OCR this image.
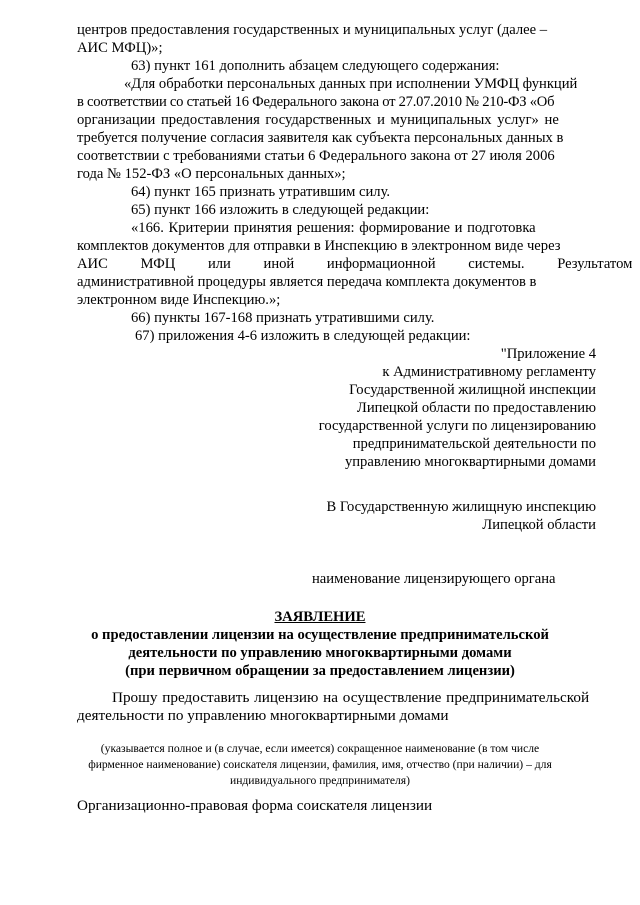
центров предоставления государственных и муниципальных услуг (далее –
АИС МФЦ)»;
63) пункт 161 дополнить абзацем следующего содержания:
«Для обработки персональных данных при исполнении УМФЦ функций
в соответствии со статьей 16 Федерального закона от 27.07.2010 № 210-ФЗ «Об
организации предоставления государственных и муниципальных услуг» не
требуется получение согласия заявителя как субъекта персональных данных в
соответствии с требованиями статьи 6 Федерального закона от 27 июля 2006
года № 152-ФЗ «О персональных данных»;
64) пункт 165 признать утратившим силу.
65) пункт 166 изложить в следующей редакции:
«166. Критерии принятия решения: формирование и подготовка
комплектов документов для отправки в Инспекцию в электронном виде через
АИС МФЦ или иной информационной системы. Результатом
административной процедуры является передача комплекта документов в
электронном виде Инспекцию.»;
66) пункты 167-168 признать утратившими силу.
67) приложения 4-6 изложить в следующей редакции:
"Приложение 4
к Административному регламенту
Государственной жилищной инспекции
Липецкой области по предоставлению
государственной услуги по лицензированию
предпринимательской деятельности по
управлению многоквартирными домами
В Государственную жилищную инспекцию
Липецкой области
наименование лицензирующего органа
ЗАЯВЛЕНИЕ
о предоставлении лицензии на осуществление предпринимательской
деятельности по управлению многоквартирными домами
(при первичном обращении за предоставлением лицензии)
Прошу предоставить лицензию на осуществление предпринимательской
деятельности по управлению многоквартирными домами
(указывается полное и (в случае, если имеется) сокращенное наименование (в том числе
фирменное наименование) соискателя лицензии, фамилия, имя, отчество (при наличии) – для
индивидуального предпринимателя)
Организационно-правовая форма соискателя лицензии
